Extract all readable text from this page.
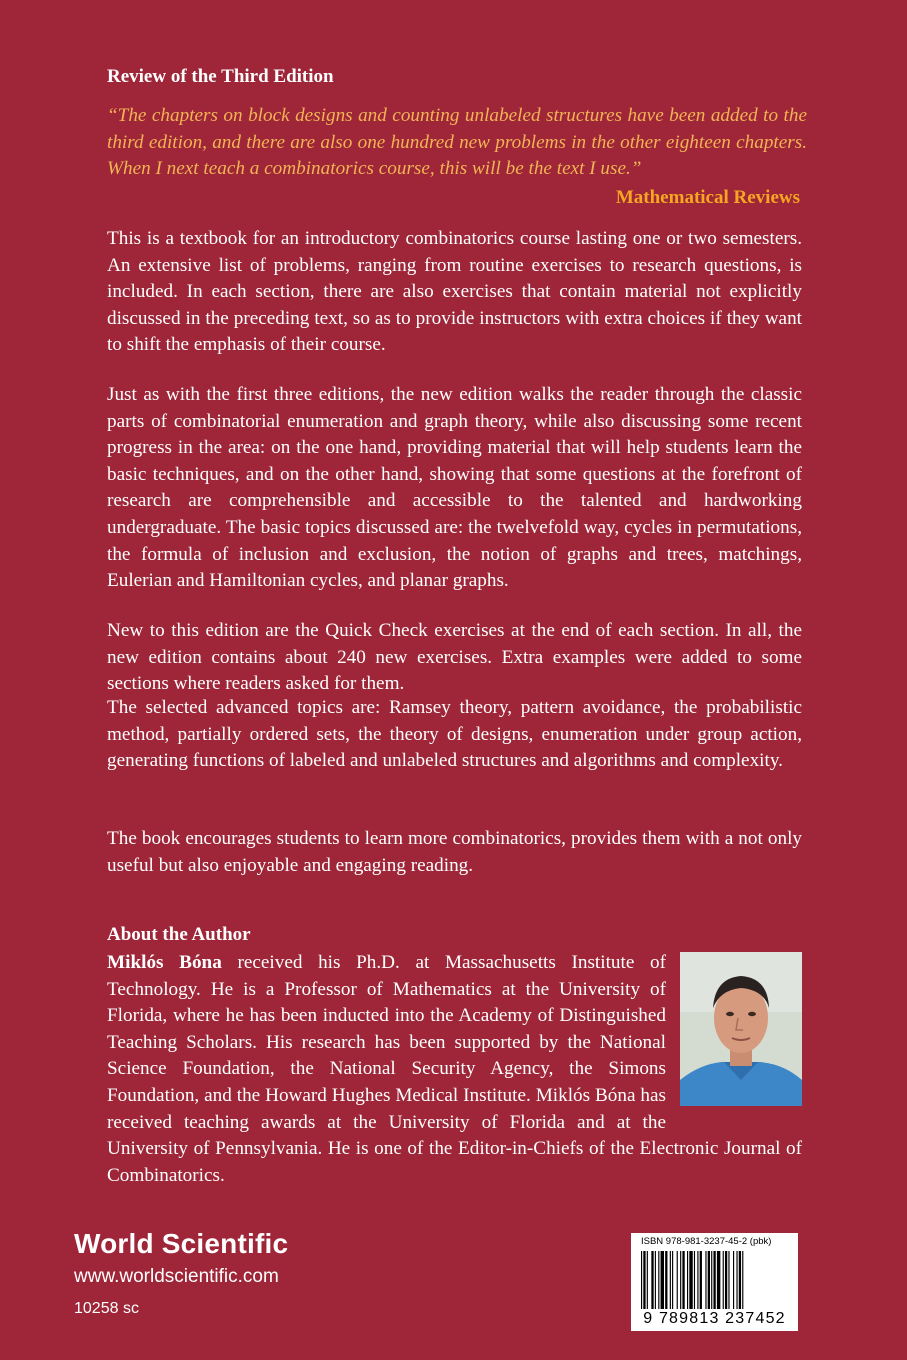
Review of the Third Edition

“The chapters on block designs and counting unlabeled structures have been added to the third edition, and there are also one hundred new problems in the other eighteen chapters. When I next teach a combinatorics course, this will be the text I use.”

Mathematical Reviews

This is a textbook for an introductory combinatorics course lasting one or two semesters. An extensive list of problems, ranging from routine exercises to research questions, is included. In each section, there are also exercises that contain material not explicitly discussed in the preceding text, so as to provide instructors with extra choices if they want to shift the emphasis of their course.

Just as with the first three editions, the new edition walks the reader through the classic parts of combinatorial enumeration and graph theory, while also discussing some recent progress in the area: on the one hand, providing material that will help students learn the basic techniques, and on the other hand, showing that some questions at the forefront of research are comprehensible and accessible to the talented and hardworking undergraduate. The basic topics discussed are: the twelvefold way, cycles in permutations, the formula of inclusion and exclusion, the notion of graphs and trees, matchings, Eulerian and Hamiltonian cycles, and planar graphs.

New to this edition are the Quick Check exercises at the end of each section. In all, the new edition contains about 240 new exercises. Extra examples were added to some sections where readers asked for them.

The selected advanced topics are: Ramsey theory, pattern avoidance, the probabilistic method, partially ordered sets, the theory of designs, enumeration under group action, generating functions of labeled and unlabeled structures and algorithms and complexity.

The book encourages students to learn more combinatorics, provides them with a not only useful but also enjoyable and engaging reading.

About the Author
Miklós Bóna received his Ph.D. at Massachusetts Institute of Technology. He is a Professor of Mathematics at the University of Florida, where he has been inducted into the Academy of Distinguished Teaching Scholars. His research has been supported by the National Science Foundation, the National Security Agency, the Simons Foundation, and the Howard Hughes Medical Institute. Miklós Bóna has received teaching awards at the University of Florida and at the University of Pennsylvania. He is one of the Editor-in-Chiefs of the Electronic Journal of Combinatorics.

World Scientific

www.worldscientific.com

10258 sc

ISBN 978-981-3237-45-2 (pbk)

9 789813 237452
